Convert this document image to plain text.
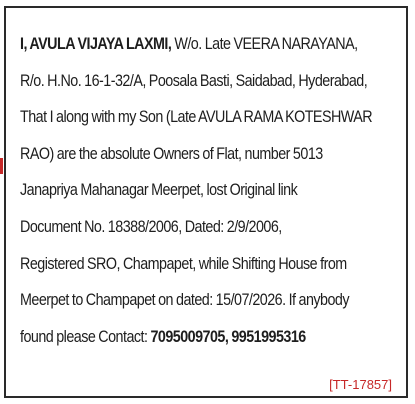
I, AVULA VIJAYA LAXMI, W/o. Late VEERA NARAYANA,
R/o. H.No. 16-1-32/A, Poosala Basti, Saidabad, Hyderabad,
That I along with my Son (Late AVULA RAMA KOTESHWAR
RAO) are the absolute Owners of Flat, number 5013
Janapriya Mahanagar Meerpet, lost Original link
Document No. 18388/2006, Dated: 2/9/2006,
Registered SRO, Champapet, while Shifting House from
Meerpet to Champapet on dated: 15/07/2026. If anybody
found please Contact: 7095009705, 9951995316
[TT-17857]
